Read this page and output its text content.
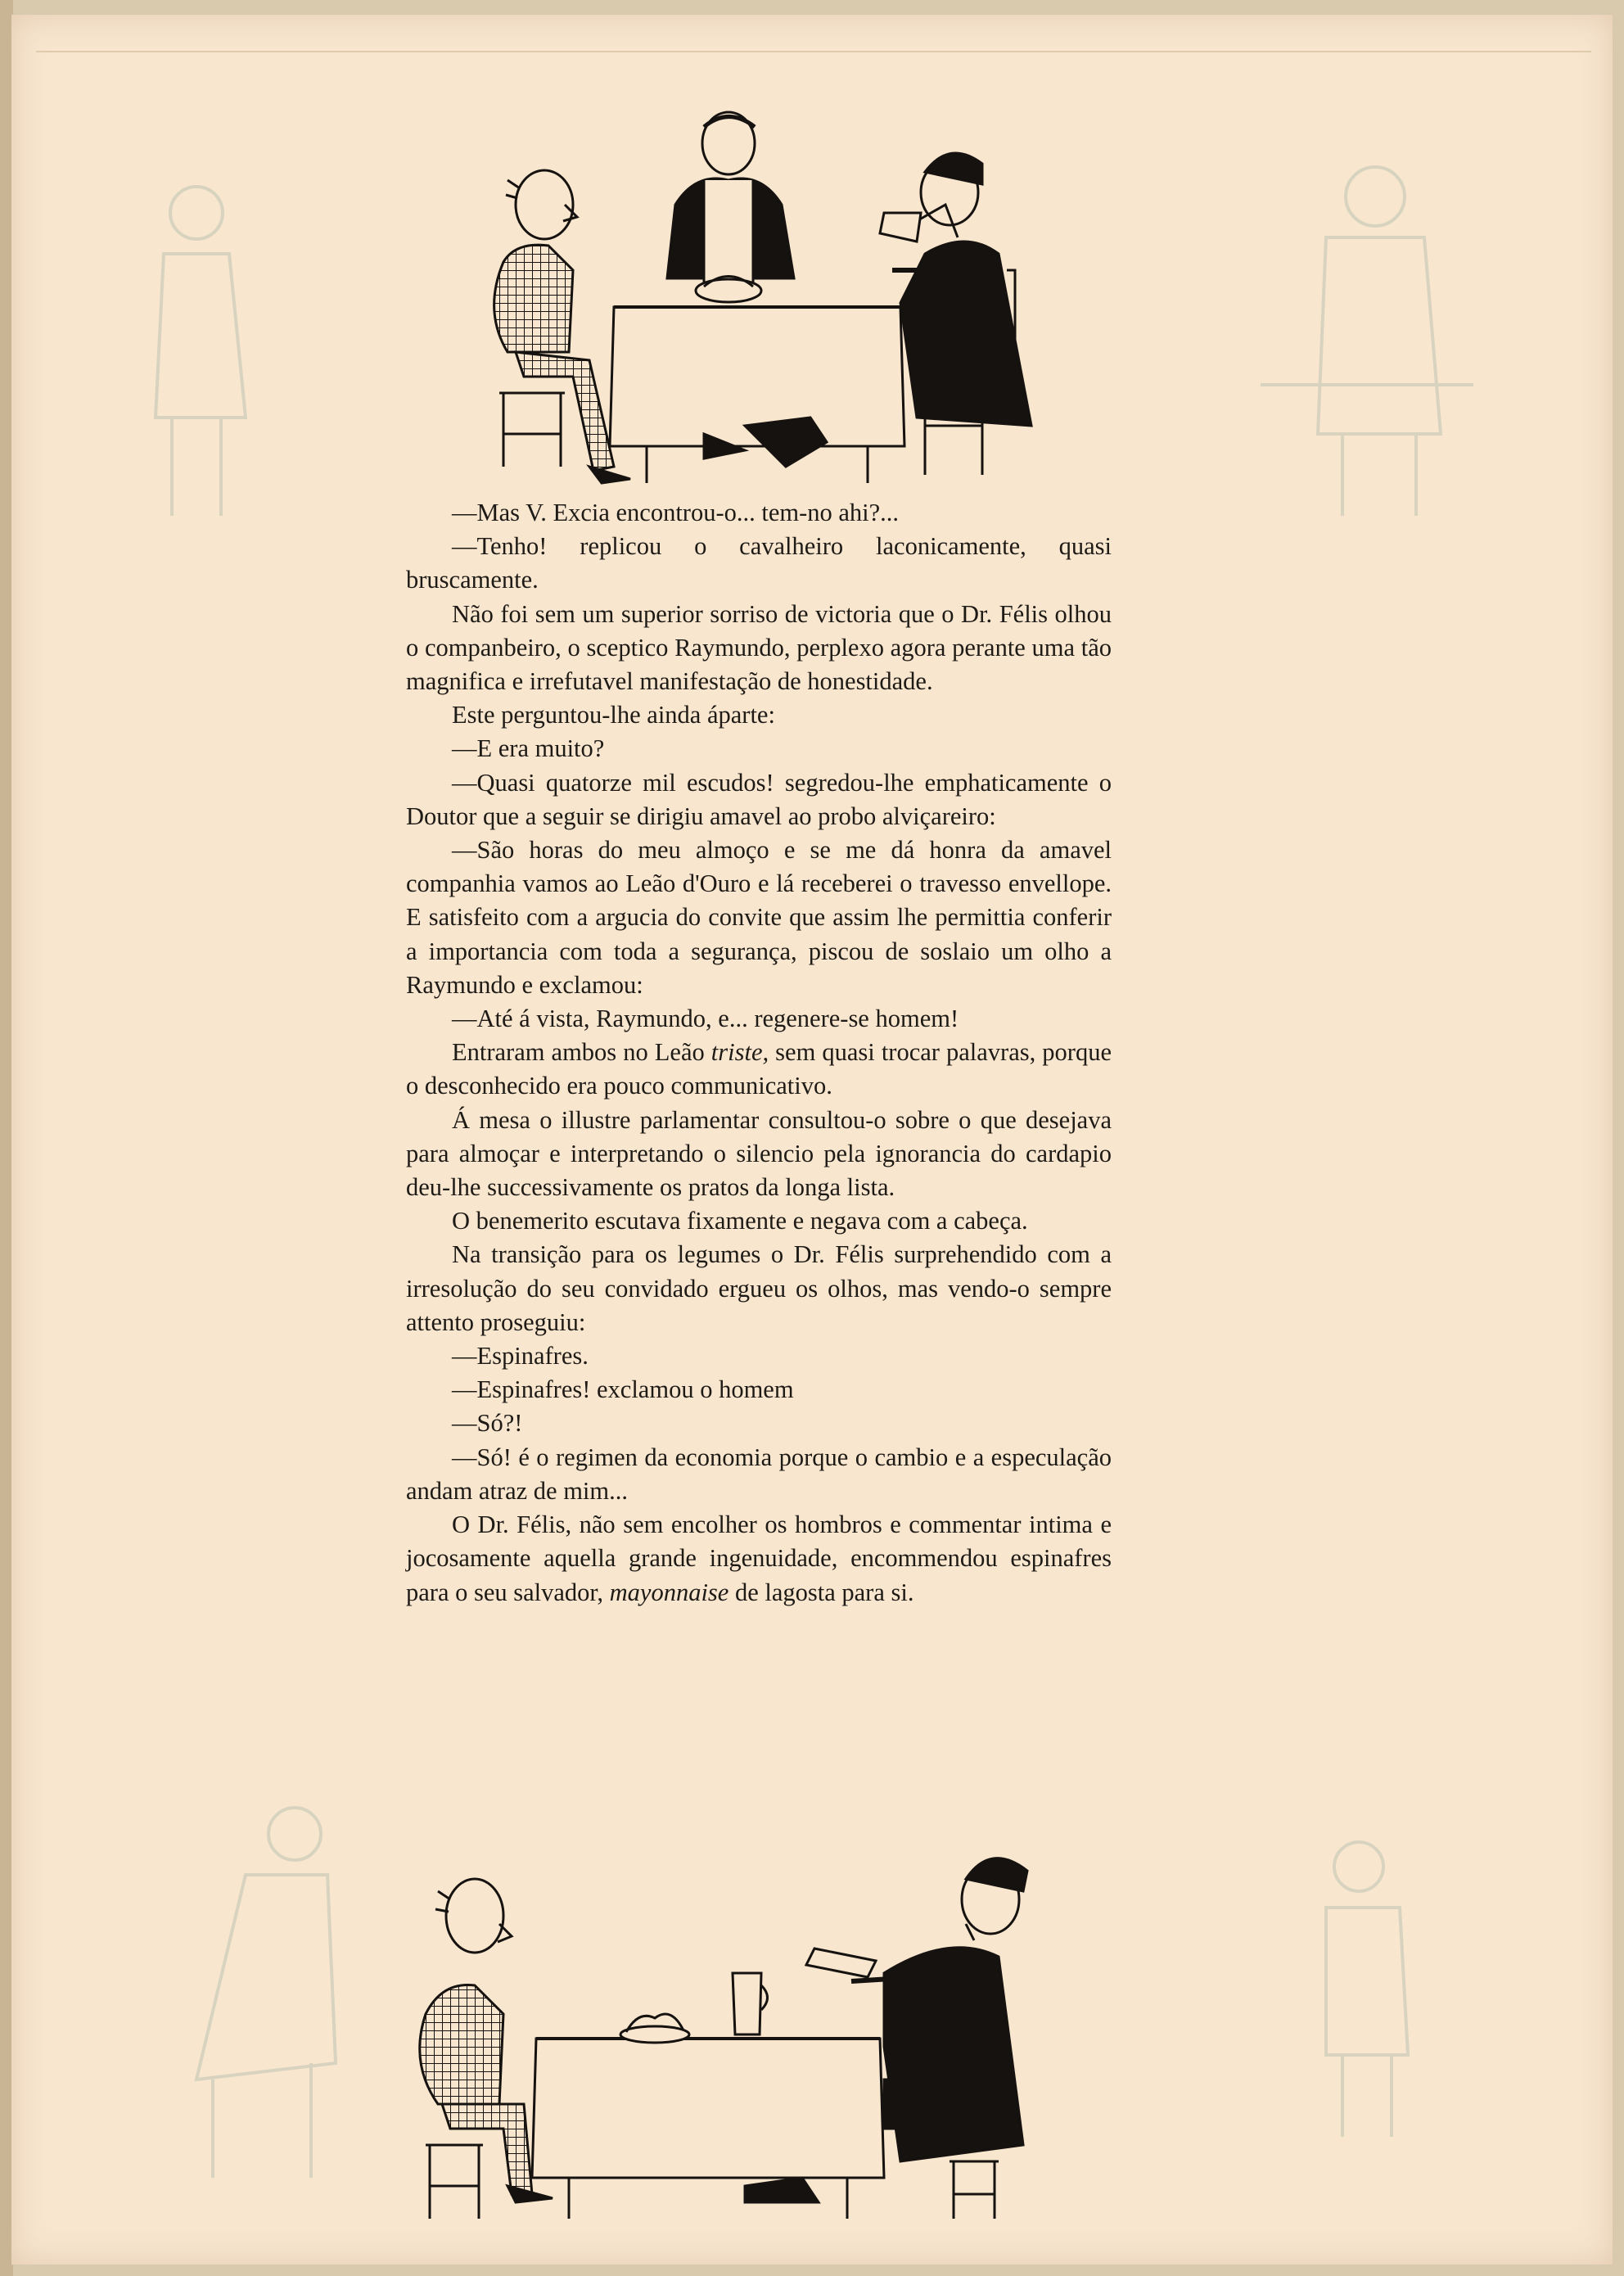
—Mas V. Excia encontrou-o... tem-no ahi?...

—Tenho! replicou o cavalheiro laconicamente, quasi bruscamente.

Não foi sem um superior sorriso de victoria que o Dr. Félis olhou o companbeiro, o sceptico Raymundo, perplexo agora perante uma tão magnifica e irrefutavel manifestação de honestidade.

Este perguntou-lhe ainda áparte:

—E era muito?

—Quasi quatorze mil escudos! segredou-lhe emphaticamente o Doutor que a seguir se dirigiu amavel ao probo alviçareiro:

—São horas do meu almoço e se me dá honra da amavel companhia vamos ao Leão d'Ouro e lá receberei o travesso envellope. E satisfeito com a argucia do convite que assim lhe permittia conferir a importancia com toda a segurança, piscou de soslaio um olho a Raymundo e exclamou:

—Até á vista, Raymundo, e... regenere-se homem!

Entraram ambos no Leão triste, sem quasi trocar palavras, porque o desconhecido era pouco communicativo.

Á mesa o illustre parlamentar consultou-o sobre o que desejava para almoçar e interpretando o silencio pela ignorancia do cardapio deu-lhe successivamente os pratos da longa lista.

O benemerito escutava fixamente e negava com a cabeça.

Na transição para os legumes o Dr. Félis surprehendido com a irresolução do seu convidado ergueu os olhos, mas vendo-o sempre attento proseguiu:

—Espinafres.

—Espinafres! exclamou o homem

—Só?!

—Só! é o regimen da economia porque o cambio e a especulação andam atraz de mim...

O Dr. Félis, não sem encolher os hombros e commentar intima e jocosamente aquella grande ingenuidade, encommendou espinafres para o seu salvador, mayonnaise de lagosta para si.
